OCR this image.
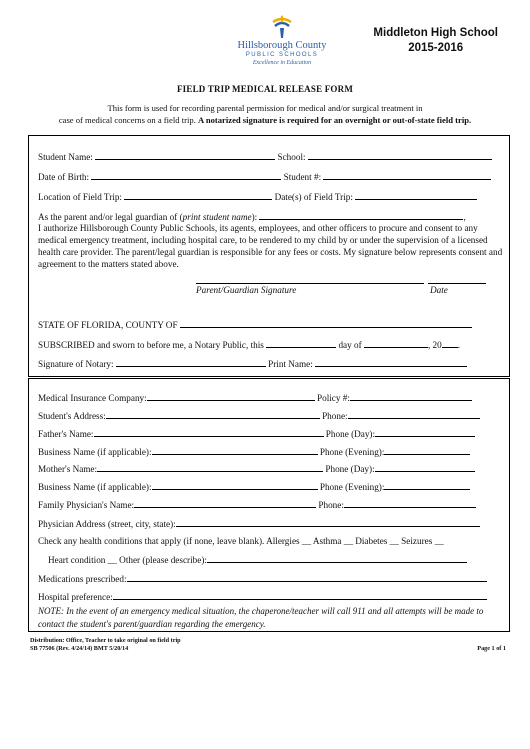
Hillsborough County
PUBLIC SCHOOLS
Excellence in Education
Middleton High School
2015-2016
FIELD TRIP MEDICAL RELEASE FORM
This form is used for recording parental permission for medical and/or surgical treatment in
case of medical concerns on a field trip. A notarized signature is required for an overnight or out-of-state field trip.
Student Name:	School:
Date of Birth:	Student #:
Location of Field Trip:	Date(s) of Field Trip:
As the parent and/or legal guardian of (print student name):	,
I authorize Hillsborough County Public Schools, its agents, employees, and other officers to procure and consent to any medical emergency treatment, including hospital care, to be rendered to my child by or under the supervision of a licensed health care provider. The parent/legal guardian is responsible for any fees or costs. My signature below represents consent and agreement to the matters stated above.
Parent/Guardian Signature	Date
STATE OF FLORIDA, COUNTY OF
SUBSCRIBED and sworn to before me, a Notary Public, this	day of	, 20 .
Signature of Notary:	Print Name:
Medical Insurance Company:	Policy #:
Student's Address:	Phone:
Father's Name:	Phone (Day):
Business Name (if applicable):	Phone (Evening):
Mother's Name:	Phone (Day):
Business Name (if applicable):	Phone (Evening):
Family Physician's Name:	Phone:
Physician Address (street, city, state):
Check any health conditions that apply (if none, leave blank). Allergies __ Asthma __ Diabetes __ Seizures __
Heart condition __ Other (please describe):
Medications prescribed:
Hospital preference:
NOTE: In the event of an emergency medical situation, the chaperone/teacher will call 911 and all attempts will be made to contact the student's parent/guardian regarding the emergency.
Distribution: Office, Teacher to take original on field trip
SB 77506 (Rev. 4/24/14) BMT 5/20/14	Page 1 of 1
